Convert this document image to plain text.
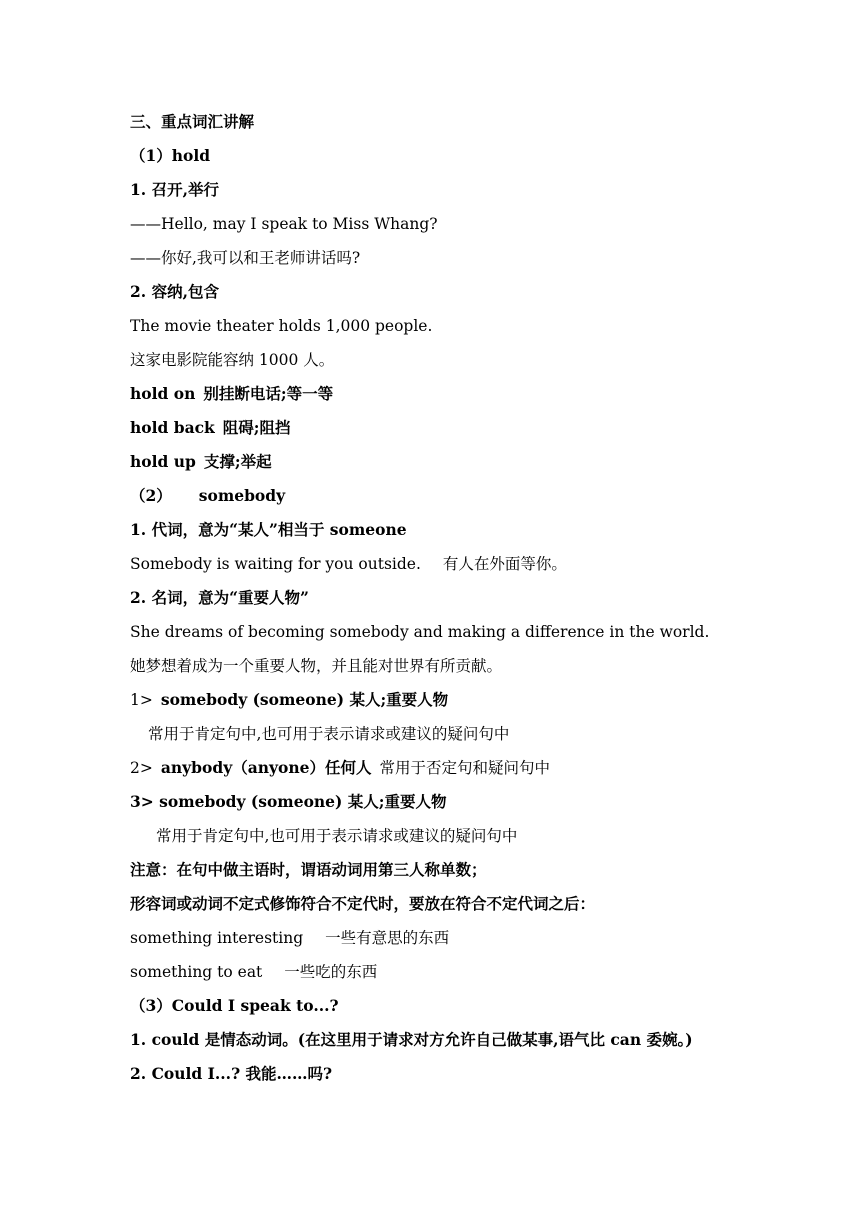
三、重点词汇讲解
（1）hold
1. 召开,举行
——Hello, may I speak to Miss Whang?
——你好,我可以和王老师讲话吗?
2. 容纳,包含
The movie theater holds 1,000 people.
这家电影院能容纳 1000 人。
hold on 别挂断电话;等一等
hold back 阻碍;阻挡
hold up 支撑;举起
（2）     somebody
1. 代词，意为“某人”相当于 someone
Somebody is waiting for you outside. 有人在外面等你。
2. 名词，意为“重要人物”
She dreams of becoming somebody and making a difference in the world.
她梦想着成为一个重要人物，并且能对世界有所贡献。
1> somebody (someone) 某人;重要人物
常用于肯定句中,也可用于表示请求或建议的疑问句中
2> anybody（anyone）任何人 常用于否定句和疑问句中
3> somebody (someone) 某人;重要人物
常用于肯定句中,也可用于表示请求或建议的疑问句中
注意：在句中做主语时，谓语动词用第三人称单数；
形容词或动词不定式修饰符合不定代时，要放在符合不定代词之后：
something interesting 一些有意思的东西
something to eat 一些吃的东西
（3）Could I speak to...?
1. could 是情态动词。(在这里用于请求对方允许自己做某事,语气比 can 委婉。)
2. Could I...? 我能……吗?
